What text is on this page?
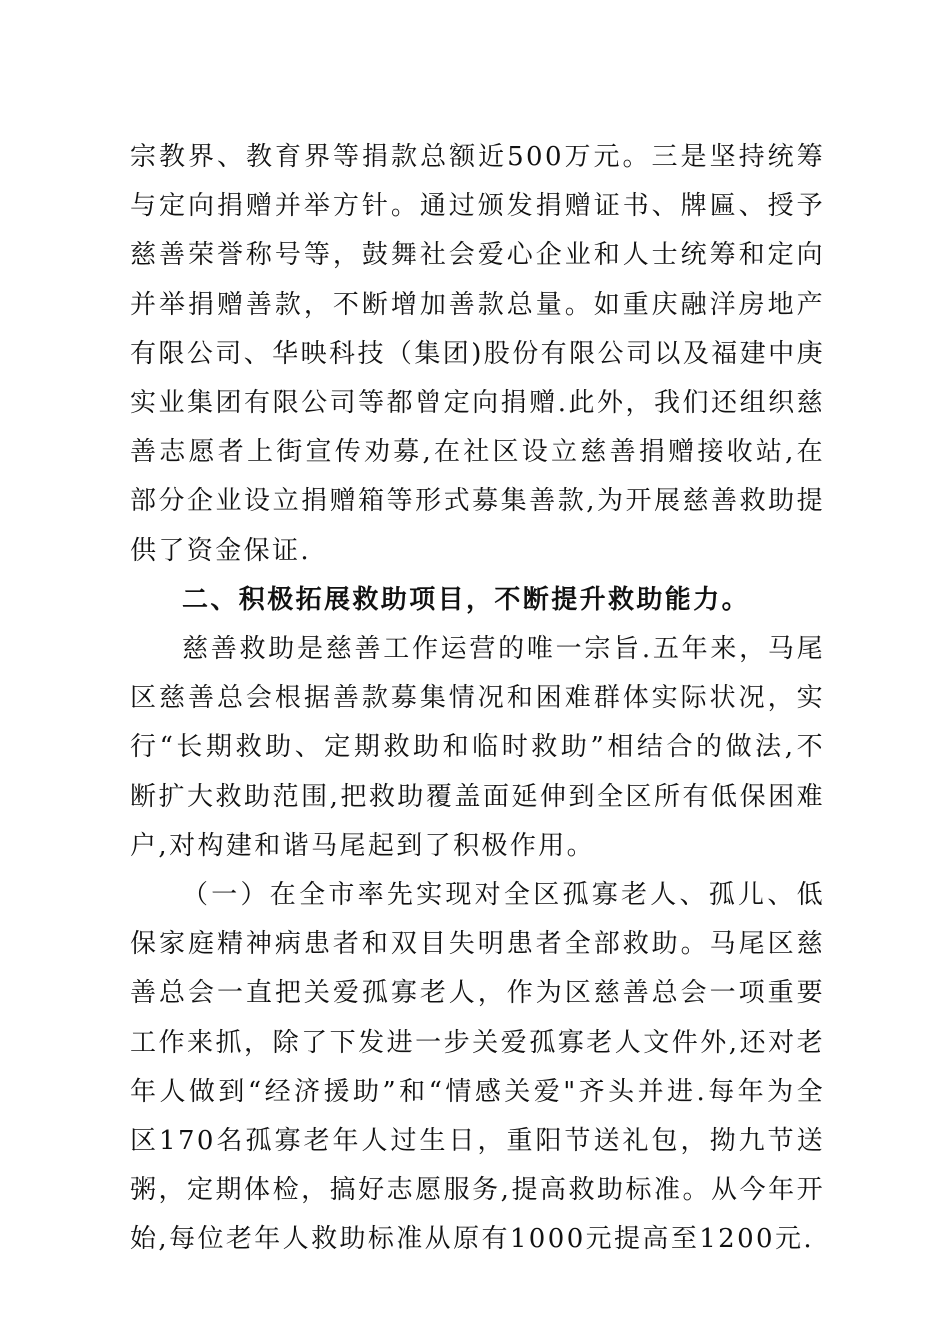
宗教界、教育界等捐款总额近500万元。三是坚持统筹与定向捐赠并举方针。通过颁发捐赠证书、牌匾、授予慈善荣誉称号等，鼓舞社会爱心企业和人士统筹和定向并举捐赠善款，不断增加善款总量。如重庆融洋房地产有限公司、华映科技（集团)股份有限公司以及福建中庚实业集团有限公司等都曾定向捐赠.此外，我们还组织慈善志愿者上街宣传劝募,在社区设立慈善捐赠接收站,在部分企业设立捐赠箱等形式募集善款,为开展慈善救助提供了资金保证.

二、积极拓展救助项目，不断提升救助能力。

慈善救助是慈善工作运营的唯一宗旨.五年来，马尾区慈善总会根据善款募集情况和困难群体实际状况，实行“长期救助、定期救助和临时救助”相结合的做法,不断扩大救助范围,把救助覆盖面延伸到全区所有低保困难户,对构建和谐马尾起到了积极作用。

（一）在全市率先实现对全区孤寡老人、孤儿、低保家庭精神病患者和双目失明患者全部救助。马尾区慈善总会一直把关爱孤寡老人，作为区慈善总会一项重要工作来抓，除了下发进一步关爱孤寡老人文件外,还对老年人做到“经济援助”和“情感关爱"齐头并进.每年为全区170名孤寡老年人过生日，重阳节送礼包，拗九节送粥，定期体检，搞好志愿服务,提高救助标准。从今年开始,每位老年人救助标准从原有1000元提高至1200元.
